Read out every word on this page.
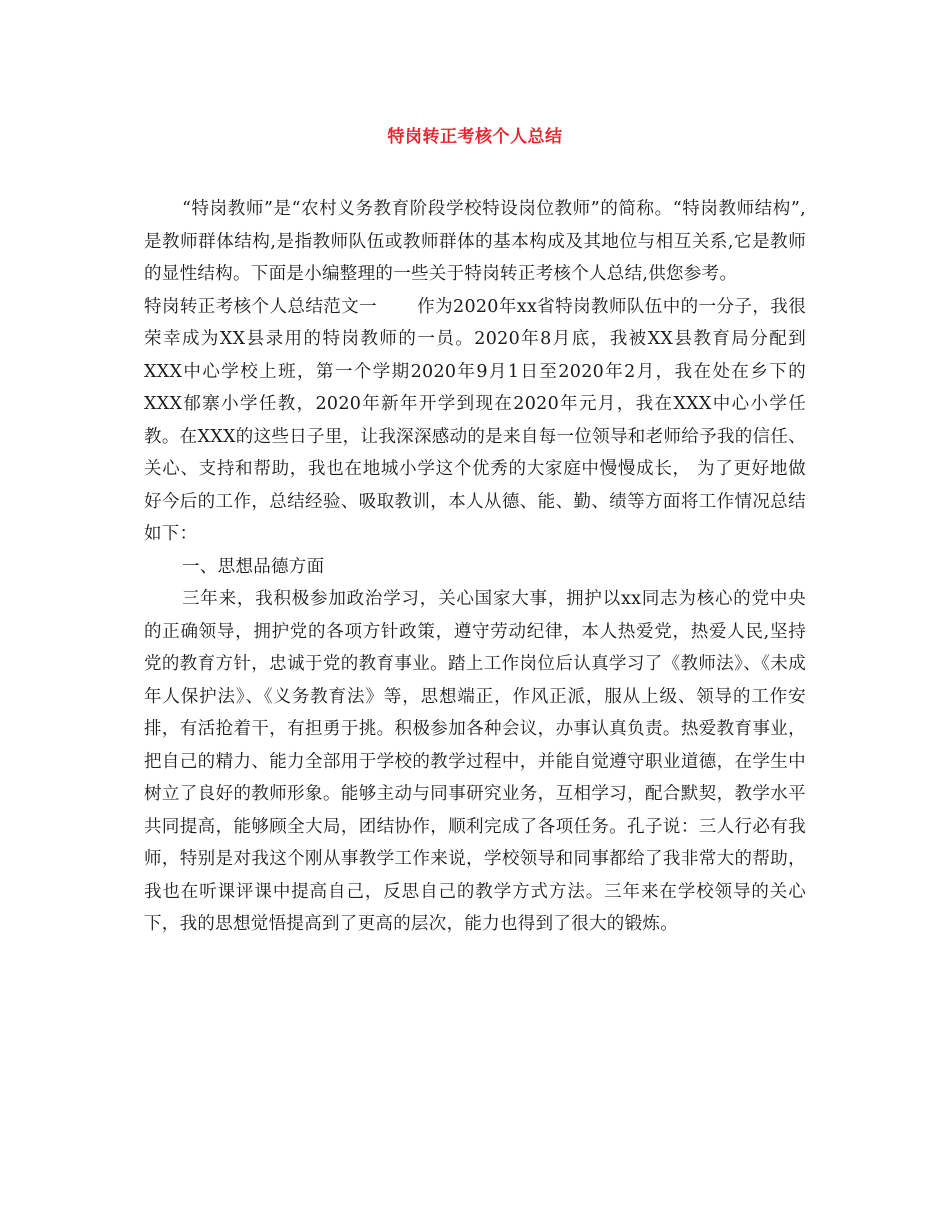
特岗转正考核个人总结

“特岗教师”是“农村义务教育阶段学校特设岗位教师”的简称。“特岗教师结构”,是教师群体结构,是指教师队伍或教师群体的基本构成及其地位与相互关系,它是教师的显性结构。下面是小编整理的一些关于特岗转正考核个人总结,供您参考。

特岗转正考核个人总结范文一 作为2020年xx省特岗教师队伍中的一分子，我很荣幸成为XX县录用的特岗教师的一员。2020年8月底，我被XX县教育局分配到XXX中心学校上班，第一个学期2020年9月1日至2020年2月，我在处在乡下的XXX郁寨小学任教，2020年新年开学到现在2020年元月，我在XXX中心小学任教。在XXX的这些日子里，让我深深感动的是来自每一位领导和老师给予我的信任、关心、支持和帮助，我也在地城小学这个优秀的大家庭中慢慢成长， 为了更好地做好今后的工作，总结经验、吸取教训，本人从德、能、勤、绩等方面将工作情况总结如下：

一、思想品德方面

三年来，我积极参加政治学习，关心国家大事，拥护以xx同志为核心的党中央的正确领导，拥护党的各项方针政策，遵守劳动纪律，本人热爱党，热爱人民,坚持党的教育方针，忠诚于党的教育事业。踏上工作岗位后认真学习了《教师法》、《未成年人保护法》、《义务教育法》等，思想端正，作风正派，服从上级、领导的工作安排，有活抢着干，有担勇于挑。积极参加各种会议，办事认真负责。热爱教育事业，把自己的精力、能力全部用于学校的教学过程中，并能自觉遵守职业道德，在学生中树立了良好的教师形象。能够主动与同事研究业务，互相学习，配合默契，教学水平共同提高，能够顾全大局，团结协作，顺利完成了各项任务。孔子说：三人行必有我师，特别是对我这个刚从事教学工作来说，学校领导和同事都给了我非常大的帮助，我也在听课评课中提高自己，反思自己的教学方式方法。三年来在学校领导的关心下，我的思想觉悟提高到了更高的层次，能力也得到了很大的锻炼。
